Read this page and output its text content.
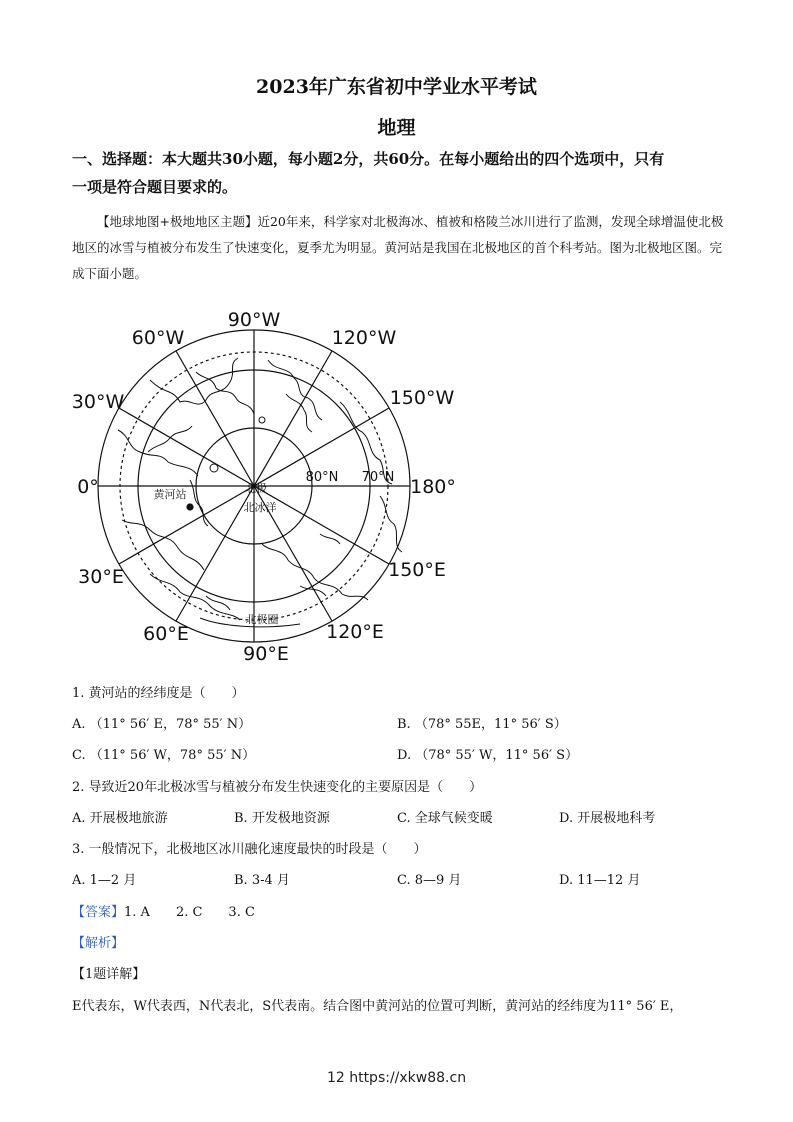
2023年广东省初中学业水平考试
地理
一、选择题：本大题共30小题，每小题2分，共60分。在每小题给出的四个选项中，只有
一项是符合题目要求的。
【地球地图+极地地区主题】近20年来，科学家对北极海冰、植被和格陵兰冰川进行了监测，发现全球增温使北极地区的冰雪与植被分布发生了快速变化，夏季尤为明显。黄河站是我国在北极地区的首个科考站。图为北极地区图。完成下面小题。
90°W
60°W	120°W
30°W	150°W
0°	180°
30°E	150°E
60°E	120°E
90°E
80°N 70°N
北极
北冰洋
北极圈
黄河站
1. 黄河站的经纬度是（　　）
A. （11° 56′ E，78° 55′ N）	B. （78° 55E，11° 56′ S）
C. （11° 56′ W，78° 55′ N）	D. （78° 55′ W，11° 56′ S）
2. 导致近20年北极冰雪与植被分布发生快速变化的主要原因是（　　）
A. 开展极地旅游	B. 开发极地资源	C. 全球气候变暖	D. 开展极地科考
3. 一般情况下，北极地区冰川融化速度最快的时段是（　　）
A. 1—2 月	B. 3-4 月	C. 8—9 月	D. 11—12 月
【答案】1. A　　2. C　　3. C
【解析】
【1题详解】
E代表东，W代表西，N代表北，S代表南。结合图中黄河站的位置可判断，黄河站的经纬度为11° 56′ E，
12 https://xkw88.cn
